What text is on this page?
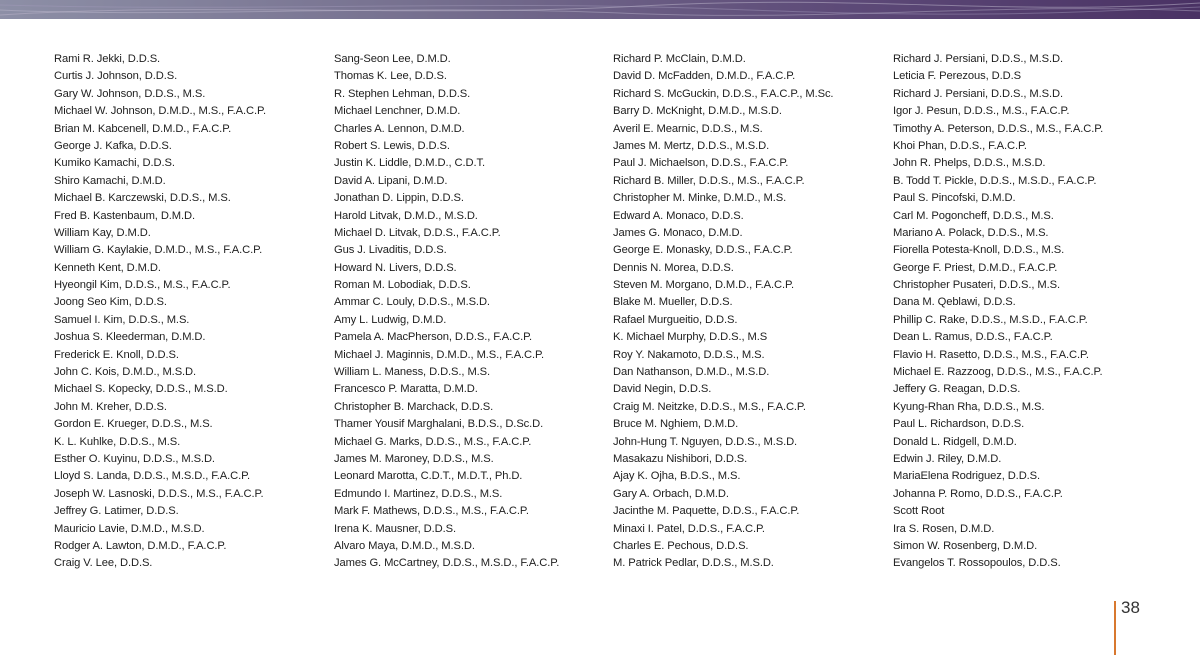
Rami R. Jekki, D.D.S.
Curtis J. Johnson, D.D.S.
Gary W. Johnson, D.D.S., M.S.
Michael W. Johnson, D.M.D., M.S., F.A.C.P.
Brian M. Kabcenell, D.M.D., F.A.C.P.
George J. Kafka, D.D.S.
Kumiko Kamachi, D.D.S.
Shiro Kamachi, D.M.D.
Michael B. Karczewski, D.D.S., M.S.
Fred B. Kastenbaum, D.M.D.
William Kay, D.M.D.
William G. Kaylakie, D.M.D., M.S., F.A.C.P.
Kenneth Kent, D.M.D.
Hyeongil Kim, D.D.S., M.S., F.A.C.P.
Joong Seo Kim, D.D.S.
Samuel I. Kim, D.D.S., M.S.
Joshua S. Kleederman, D.M.D.
Frederick E. Knoll, D.D.S.
John C. Kois, D.M.D., M.S.D.
Michael S. Kopecky, D.D.S., M.S.D.
John M. Kreher, D.D.S.
Gordon E. Krueger, D.D.S., M.S.
K. L. Kuhlke, D.D.S., M.S.
Esther O. Kuyinu, D.D.S., M.S.D.
Lloyd S. Landa, D.D.S., M.S.D., F.A.C.P.
Joseph W. Lasnoski, D.D.S., M.S., F.A.C.P.
Jeffrey G. Latimer, D.D.S.
Mauricio Lavie, D.M.D., M.S.D.
Rodger A. Lawton, D.M.D., F.A.C.P.
Craig V. Lee, D.D.S.
Sang-Seon Lee, D.M.D.
Thomas K. Lee, D.D.S.
R. Stephen Lehman, D.D.S.
Michael Lenchner, D.M.D.
Charles A. Lennon, D.M.D.
Robert S. Lewis, D.D.S.
Justin K. Liddle, D.M.D., C.D.T.
David A. Lipani, D.M.D.
Jonathan D. Lippin, D.D.S.
Harold Litvak, D.M.D., M.S.D.
Michael D. Litvak, D.D.S., F.A.C.P.
Gus J. Livaditis, D.D.S.
Howard N. Livers, D.D.S.
Roman M. Lobodiak, D.D.S.
Ammar C. Louly, D.D.S., M.S.D.
Amy L. Ludwig, D.M.D.
Pamela A. MacPherson, D.D.S., F.A.C.P.
Michael J. Maginnis, D.M.D., M.S., F.A.C.P.
William L. Maness, D.D.S., M.S.
Francesco P. Maratta, D.M.D.
Christopher B. Marchack, D.D.S.
Thamer Yousif Marghalani, B.D.S., D.Sc.D.
Michael G. Marks, D.D.S., M.S., F.A.C.P.
James M. Maroney, D.D.S., M.S.
Leonard Marotta, C.D.T., M.D.T., Ph.D.
Edmundo I. Martinez, D.D.S., M.S.
Mark F. Mathews, D.D.S., M.S., F.A.C.P.
Irena K. Mausner, D.D.S.
Alvaro Maya, D.M.D., M.S.D.
James G. McCartney, D.D.S., M.S.D., F.A.C.P.
Richard P. McClain, D.M.D.
David D. McFadden, D.M.D., F.A.C.P.
Richard S. McGuckin, D.D.S., F.A.C.P., M.Sc.
Barry D. McKnight, D.M.D., M.S.D.
Averil E. Mearnic, D.D.S., M.S.
James M. Mertz, D.D.S., M.S.D.
Paul J. Michaelson, D.D.S., F.A.C.P.
Richard B. Miller, D.D.S., M.S., F.A.C.P.
Christopher M. Minke, D.M.D., M.S.
Edward A. Monaco, D.D.S.
James G. Monaco, D.M.D.
George E. Monasky, D.D.S., F.A.C.P.
Dennis N. Morea, D.D.S.
Steven M. Morgano, D.M.D., F.A.C.P.
Blake M. Mueller, D.D.S.
Rafael Murgueitio, D.D.S.
K. Michael Murphy, D.D.S., M.S
Roy Y. Nakamoto, D.D.S., M.S.
Dan Nathanson, D.M.D., M.S.D.
David Negin, D.D.S.
Craig M. Neitzke, D.D.S., M.S., F.A.C.P.
Bruce M. Nghiem, D.M.D.
John-Hung T. Nguyen, D.D.S., M.S.D.
Masakazu Nishibori, D.D.S.
Ajay K. Ojha, B.D.S., M.S.
Gary A. Orbach, D.M.D.
Jacinthe M. Paquette, D.D.S., F.A.C.P.
Minaxi I. Patel, D.D.S., F.A.C.P.
Charles E. Pechous, D.D.S.
M. Patrick Pedlar, D.D.S., M.S.D.
Richard J. Persiani, D.D.S., M.S.D.
Leticia F. Perezous, D.D.S
Richard J. Persiani, D.D.S., M.S.D.
Igor J. Pesun, D.D.S., M.S., F.A.C.P.
Timothy A. Peterson, D.D.S., M.S., F.A.C.P.
Khoi Phan, D.D.S., F.A.C.P.
John R. Phelps, D.D.S., M.S.D.
B. Todd T. Pickle, D.D.S., M.S.D., F.A.C.P.
Paul S. Pincofski, D.M.D.
Carl M. Pogoncheff, D.D.S., M.S.
Mariano A. Polack, D.D.S., M.S.
Fiorella Potesta-Knoll, D.D.S., M.S.
George F. Priest, D.M.D., F.A.C.P.
Christopher Pusateri, D.D.S., M.S.
Dana M. Qeblawi, D.D.S.
Phillip C. Rake, D.D.S., M.S.D., F.A.C.P.
Dean L. Ramus, D.D.S., F.A.C.P.
Flavio H. Rasetto, D.D.S., M.S., F.A.C.P.
Michael E. Razzoog, D.D.S., M.S., F.A.C.P.
Jeffery G. Reagan, D.D.S.
Kyung-Rhan Rha, D.D.S., M.S.
Paul L. Richardson, D.D.S.
Donald L. Ridgell, D.M.D.
Edwin J. Riley, D.M.D.
MariaElena Rodriguez, D.D.S.
Johanna P. Romo, D.D.S., F.A.C.P.
Scott Root
Ira S. Rosen, D.M.D.
Simon W. Rosenberg, D.M.D.
Evangelos T. Rossopoulos, D.D.S.
38
